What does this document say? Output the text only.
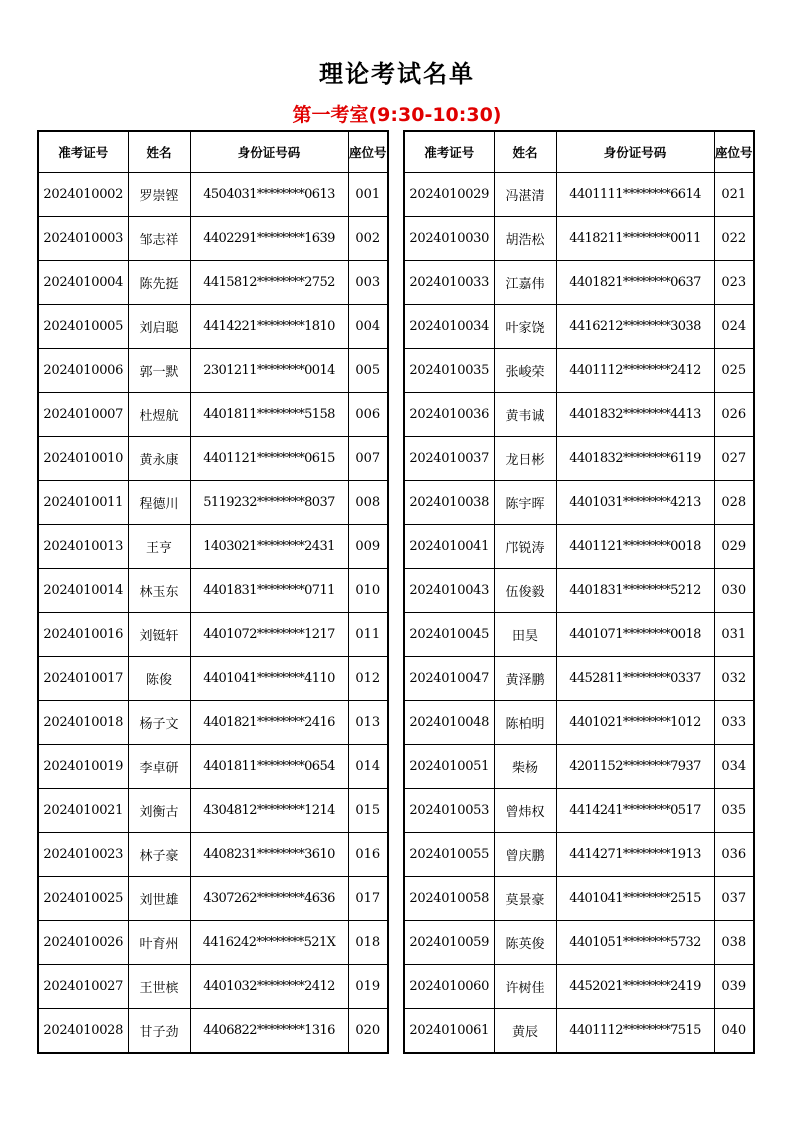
理论考试名单
第一考室(9:30-10:30)
准考证号	姓名	身份证号码	座位号
2024010002	罗崇铿	4504031********0613	001
2024010003	邹志祥	4402291********1639	002
2024010004	陈先挺	4415812********2752	003
2024010005	刘启聪	4414221********1810	004
2024010006	郭一默	2301211********0014	005
2024010007	杜煜航	4401811********5158	006
2024010010	黄永康	4401121********0615	007
2024010011	程德川	5119232********8037	008
2024010013	王亨	1403021********2431	009
2024010014	林玉东	4401831********0711	010
2024010016	刘铤轩	4401072********1217	011
2024010017	陈俊	4401041********4110	012
2024010018	杨子文	4401821********2416	013
2024010019	李卓研	4401811********0654	014
2024010021	刘衡古	4304812********1214	015
2024010023	林子豪	4408231********3610	016
2024010025	刘世雄	4307262********4636	017
2024010026	叶育州	4416242********521X	018
2024010027	王世槟	4401032********2412	019
2024010028	甘子劲	4406822********1316	020
准考证号	姓名	身份证号码	座位号
2024010029	冯湛清	4401111********6614	021
2024010030	胡浩松	4418211********0011	022
2024010033	江嘉伟	4401821********0637	023
2024010034	叶家饶	4416212********3038	024
2024010035	张峻荣	4401112********2412	025
2024010036	黄韦诚	4401832********4413	026
2024010037	龙日彬	4401832********6119	027
2024010038	陈宇晖	4401031********4213	028
2024010041	邝锐涛	4401121********0018	029
2024010043	伍俊毅	4401831********5212	030
2024010045	田昊	4401071********0018	031
2024010047	黄泽鹏	4452811********0337	032
2024010048	陈柏明	4401021********1012	033
2024010051	柴杨	4201152********7937	034
2024010053	曾炜权	4414241********0517	035
2024010055	曾庆鹏	4414271********1913	036
2024010058	莫景豪	4401041********2515	037
2024010059	陈英俊	4401051********5732	038
2024010060	许树佳	4452021********2419	039
2024010061	黄辰	4401112********7515	040
